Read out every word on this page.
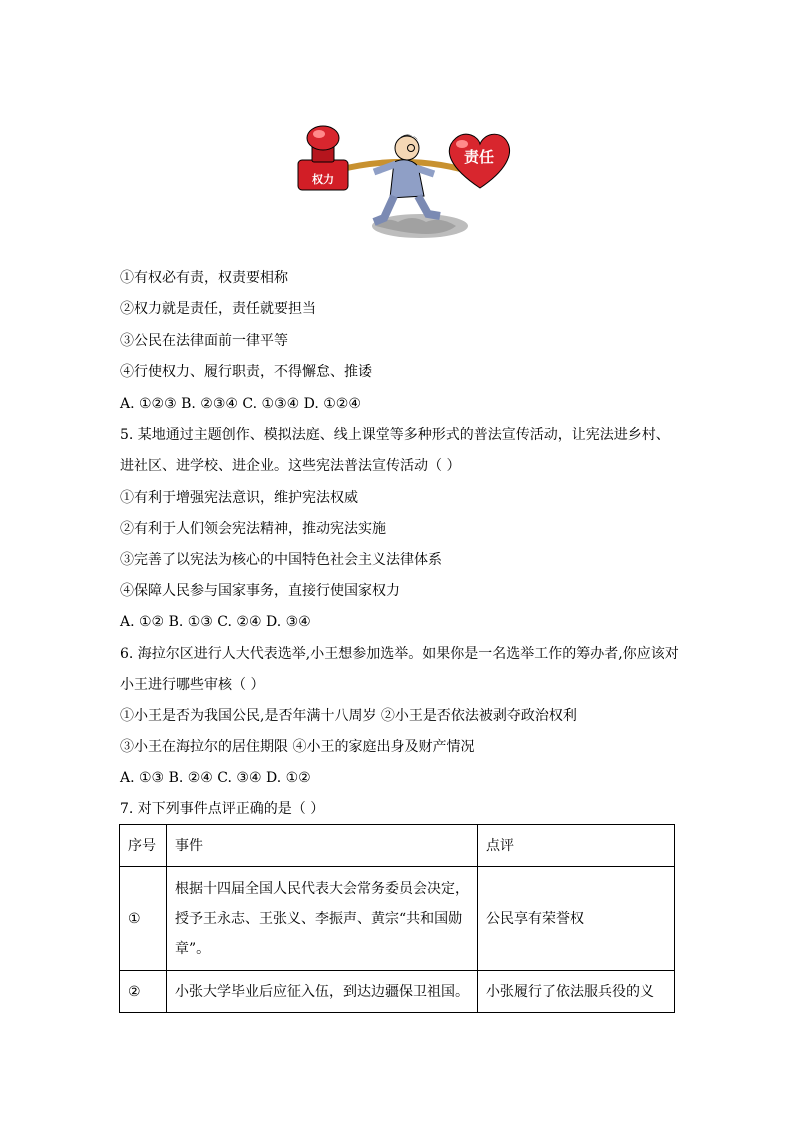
权力
责任
①有权必有责，权责要相称
②权力就是责任，责任就要担当
③公民在法律面前一律平等
④行使权力、履行职责，不得懈怠、推诿
A. ①②③ B. ②③④ C. ①③④ D. ①②④
5. 某地通过主题创作、模拟法庭、线上课堂等多种形式的普法宣传活动，让宪法进乡村、
进社区、进学校、进企业。这些宪法普法宣传活动（ ）
①有利于增强宪法意识，维护宪法权威
②有利于人们领会宪法精神，推动宪法实施
③完善了以宪法为核心的中国特色社会主义法律体系
④保障人民参与国家事务，直接行使国家权力
A. ①② B. ①③ C. ②④ D. ③④
6. 海拉尔区进行人大代表选举,小王想参加选举。如果你是一名选举工作的筹办者,你应该对
小王进行哪些审核（ ）
①小王是否为我国公民,是否年满十八周岁 ②小王是否依法被剥夺政治权利
③小王在海拉尔的居住期限 ④小王的家庭出身及财产情况
A. ①③ B. ②④ C. ③④ D. ①②
7. 对下列事件点评正确的是（ ）
序号	事件	点评
①	根据十四届全国人民代表大会常务委员会决定，授予王永志、王张义、李振声、黄宗“共和国勋章”。	公民享有荣誉权
②	小张大学毕业后应征入伍，到达边疆保卫祖国。	小张履行了依法服兵役的义
